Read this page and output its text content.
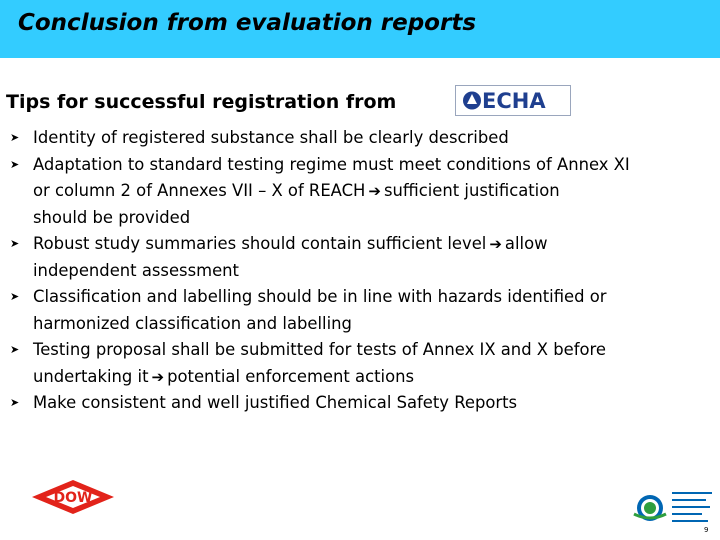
Conclusion from evaluation reports
Tips for successful registration from	ECHA
➤ Identity of registered substance shall be clearly described
➤ Adaptation to standard testing regime must meet conditions of Annex XI
or column 2 of Annexes VII – X of REACH ➔ sufficient justification
should be provided
➤ Robust study summaries should contain sufficient level ➔ allow
independent assessment
➤ Classification and labelling should be in line with hazards identified or
harmonized classification and labelling
➤ Testing proposal shall be submitted for tests of Annex IX and X before
undertaking it ➔ potential enforcement actions
➤ Make consistent and well justified Chemical Safety Reports
DOW
9
